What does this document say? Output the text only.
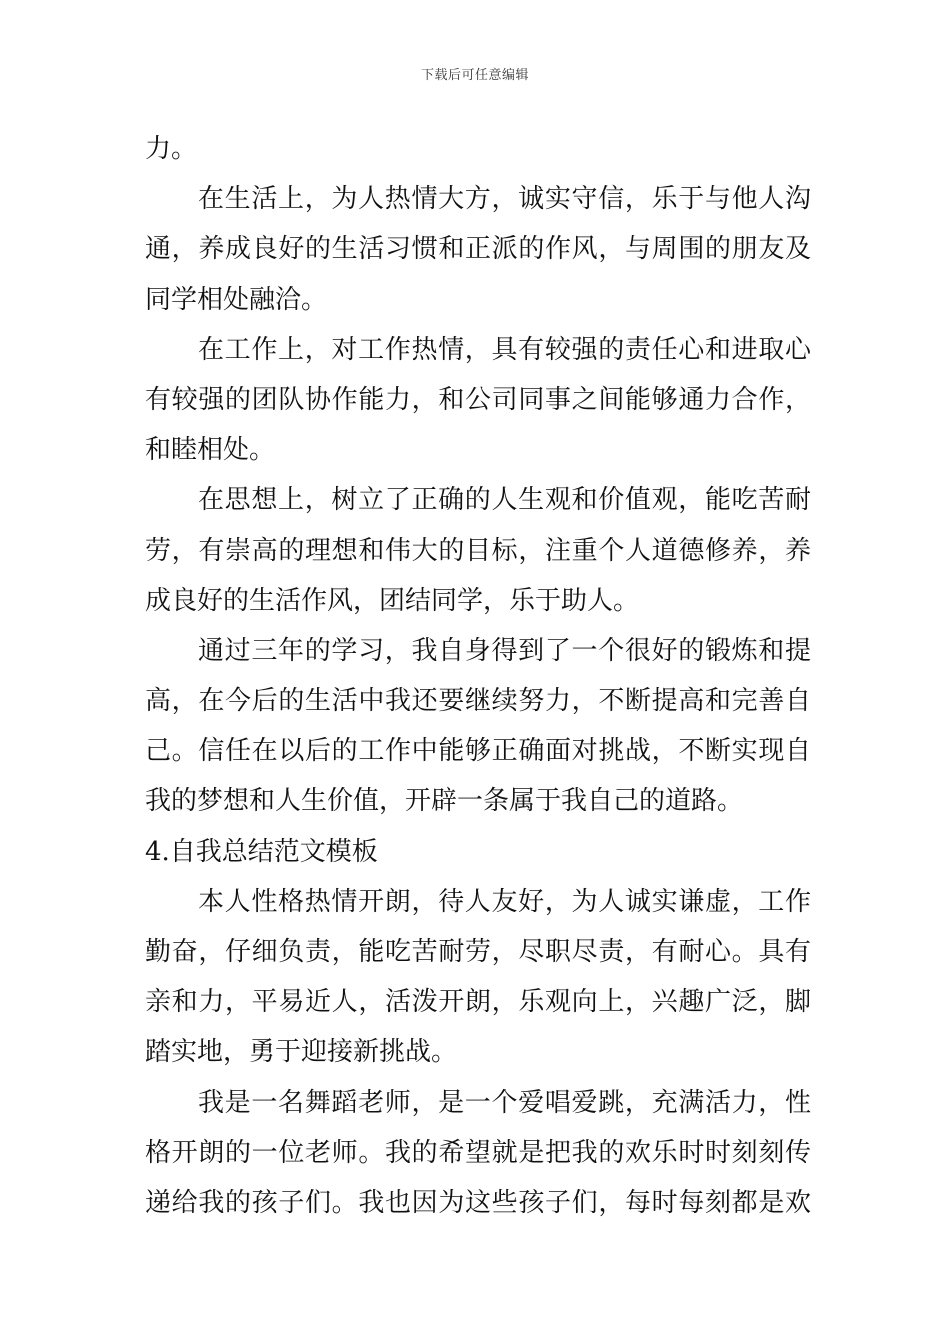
下载后可任意编辑
力。
在生活上，为人热情大方，诚实守信，乐于与他人沟
通，养成良好的生活习惯和正派的作风，与周围的朋友及
同学相处融洽。
在工作上，对工作热情，具有较强的责任心和进取心
有较强的团队协作能力，和公司同事之间能够通力合作，
和睦相处。
在思想上，树立了正确的人生观和价值观，能吃苦耐
劳，有崇高的理想和伟大的目标，注重个人道德修养，养
成良好的生活作风，团结同学，乐于助人。
通过三年的学习，我自身得到了一个很好的锻炼和提
高，在今后的生活中我还要继续努力，不断提高和完善自
己。信任在以后的工作中能够正确面对挑战，不断实现自
我的梦想和人生价值，开辟一条属于我自己的道路。
4.自我总结范文模板
本人性格热情开朗，待人友好，为人诚实谦虚，工作
勤奋，仔细负责，能吃苦耐劳，尽职尽责，有耐心。具有
亲和力，平易近人，活泼开朗，乐观向上，兴趣广泛，脚
踏实地，勇于迎接新挑战。
我是一名舞蹈老师，是一个爱唱爱跳，充满活力，性
格开朗的一位老师。我的希望就是把我的欢乐时时刻刻传
递给我的孩子们。我也因为这些孩子们，每时每刻都是欢
